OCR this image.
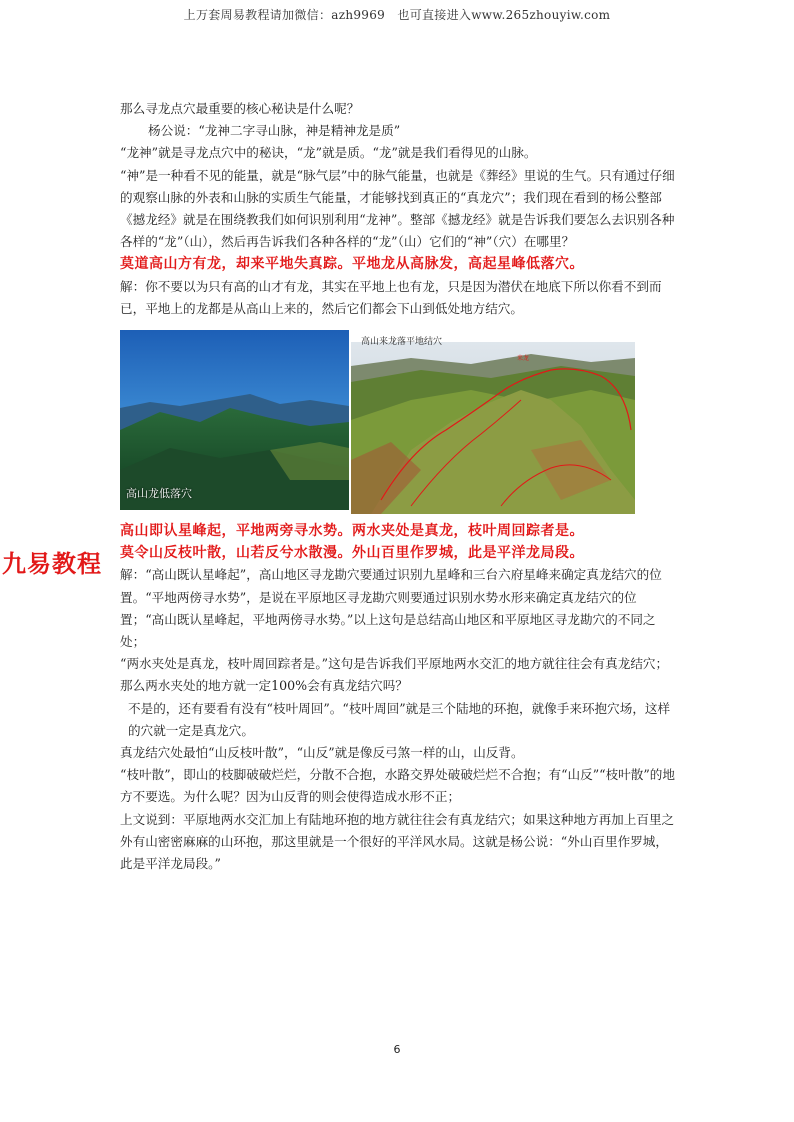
上万套周易教程请加微信：azh9969　也可直接进入www.265zhouyiw.com

那么寻龙点穴最重要的核心秘诀是什么呢？

杨公说：“龙神二字寻山脉，神是精神龙是质”

“龙神”就是寻龙点穴中的秘诀，“龙”就是质。“龙”就是我们看得见的山脉。

“神”是一种看不见的能量，就是“脉气层”中的脉气能量，也就是《葬经》里说的生气。只有通过仔细的观察山脉的外表和山脉的实质生气能量，才能够找到真正的“真龙穴”；我们现在看到的杨公整部《撼龙经》就是在围绕教我们如何识别利用“龙神”。整部《撼龙经》就是告诉我们要怎么去识别各种各样的“龙”（山），然后再告诉我们各种各样的“龙”（山）它们的“神”（穴）在哪里？

莫道高山方有龙，却来平地失真踪。平地龙从高脉发，高起星峰低落穴。

解：你不要以为只有高的山才有龙，其实在平地上也有龙，只是因为潜伏在地底下所以你看不到而已，平地上的龙都是从高山上来的，然后它们都会下山到低处地方结穴。

高山龙低落穴
来龙
高山来龙落平地结穴

高山即认星峰起，平地两旁寻水势。两水夹处是真龙，枝叶周回踪者是。

莫令山反枝叶散，山若反兮水散漫。外山百里作罗城，此是平洋龙局段。

解：“高山既认星峰起”，高山地区寻龙勘穴要通过识别九星峰和三台六府星峰来确定真龙结穴的位置。“平地两傍寻水势”，是说在平原地区寻龙勘穴则要通过识别水势水形来确定真龙结穴的位置；“高山既认星峰起，平地两傍寻水势。”以上这句是总结高山地区和平原地区寻龙勘穴的不同之处；

“两水夹处是真龙，枝叶周回踪者是。”这句是告诉我们平原地两水交汇的地方就往往会有真龙结穴；那么两水夹处的地方就一定100%会有真龙结穴吗？

不是的，还有要看有没有“枝叶周回”。“枝叶周回”就是三个陆地的环抱，就像手来环抱穴场，这样的穴就一定是真龙穴。

真龙结穴处最怕“山反枝叶散”，“山反”就是像反弓煞一样的山，山反背。

“枝叶散”，即山的枝脚破破烂烂，分散不合抱，水路交界处破破烂烂不合抱；有“山反”“枝叶散”的地方不要选。为什么呢？因为山反背的则会使得造成水形不正；

上文说到：平原地两水交汇加上有陆地环抱的地方就往往会有真龙结穴；如果这种地方再加上百里之外有山密密麻麻的山环抱，那这里就是一个很好的平洋风水局。这就是杨公说：“外山百里作罗城，此是平洋龙局段。”

九易教程
6
